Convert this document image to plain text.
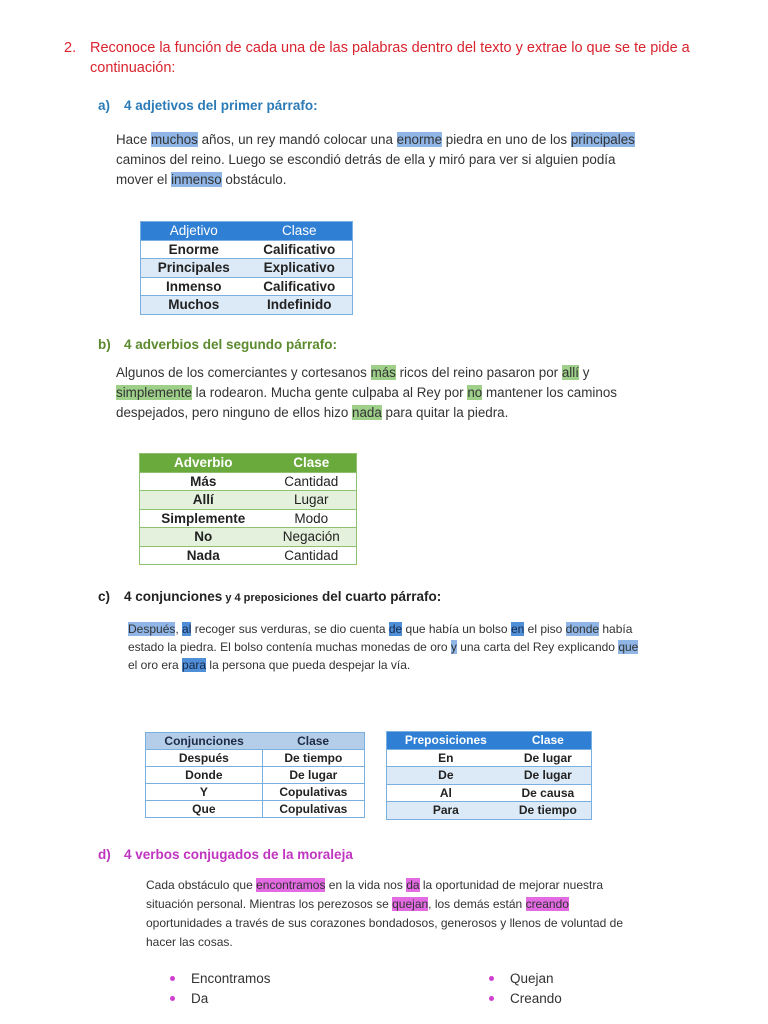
2. Reconoce la función de cada una de las palabras dentro del texto y extrae lo que se te pide a continuación:
a) 4 adjetivos del primer párrafo:
Hace muchos años, un rey mandó colocar una enorme piedra en uno de los principales caminos del reino. Luego se escondió detrás de ella y miró para ver si alguien podía mover el inmenso obstáculo.
Adjetivo	Clase
Enorme	Calificativo
Principales	Explicativo
Inmenso	Calificativo
Muchos	Indefinido
b) 4 adverbios del segundo párrafo:
Algunos de los comerciantes y cortesanos más ricos del reino pasaron por allí y simplemente la rodearon. Mucha gente culpaba al Rey por no mantener los caminos despejados, pero ninguno de ellos hizo nada para quitar la piedra.
Adverbio	Clase
Más	Cantidad
Allí	Lugar
Simplemente	Modo
No	Negación
Nada	Cantidad
c) 4 conjunciones y 4 preposiciones del cuarto párrafo:
Después, al recoger sus verduras, se dio cuenta de que había un bolso en el piso donde había estado la piedra. El bolso contenía muchas monedas de oro y una carta del Rey explicando que el oro era para la persona que pueda despejar la vía.
Conjunciones	Clase
Después	De tiempo
Donde	De lugar
Y	Copulativas
Que	Copulativas
Preposiciones	Clase
En	De lugar
De	De lugar
Al	De causa
Para	De tiempo
d) 4 verbos conjugados de la moraleja
Cada obstáculo que encontramos en la vida nos da la oportunidad de mejorar nuestra situación personal. Mientras los perezosos se quejan, los demás están creando oportunidades a través de sus corazones bondadosos, generosos y llenos de voluntad de hacer las cosas.
Encontramos
Da
Quejan
Creando
